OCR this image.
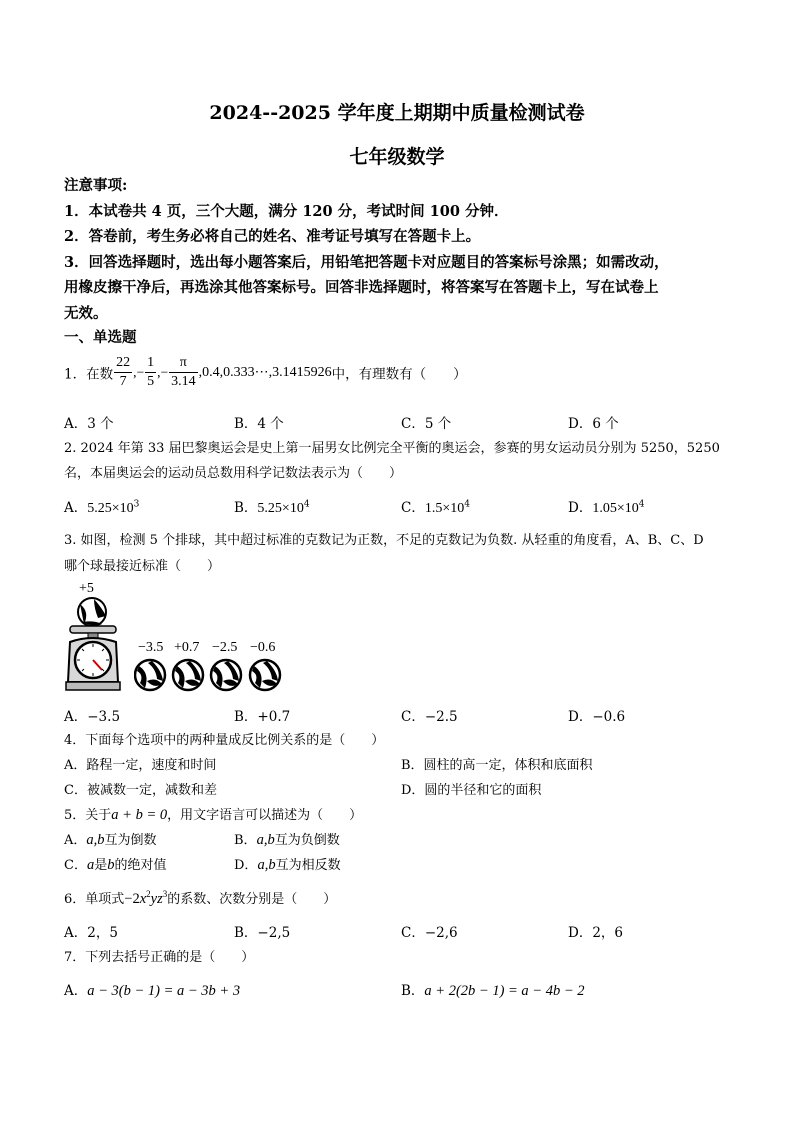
2024--2025 学年度上期期中质量检测试卷
七年级数学
注意事项:
1．本试卷共 4 页，三个大题，满分 120 分，考试时间 100 分钟．
2．答卷前，考生务必将自己的姓名、准考证号填写在答题卡上。
3．回答选择题时，选出每小题答案后，用铅笔把答题卡对应题目的答案标号涂黑；如需改动，
用橡皮擦干净后，再选涂其他答案标号。回答非选择题时，将答案写在答题卡上，写在试卷上
无效。
一、单选题
1．在数 $\frac{22}{7}$ ,− $\frac{1}{5}$ ,− $\frac{\pi}{3.14}$ ,0.4,0.333⋯,3.1415926中，有理数有（　　）
A．3 个	B．4 个	C．5 个	D．6 个
2. 2024 年第 33 届巴黎奥运会是史上第一届男女比例完全平衡的奥运会，参赛的男女运动员分别为 5250，5250
名，本届奥运会的运动员总数用科学记数法表示为（　　）
A．$5.25\times 10^3$	B．$5.25\times 10^4$	C．$1.5\times 10^4$	D．$1.05\times 10^4$
3. 如图，检测 5 个排球，其中超过标准的克数记为正数，不足的克数记为负数. 从轻重的角度看，A、B、C、D
哪个球最接近标准（　　）
+5
−3.5 +0.7 −2.5 −0.6
A．−3.5	B．+0.7	C．−2.5	D．−0.6
4．下面每个选项中的两种量成反比例关系的是（　　）
A．路程一定，速度和时间	B．圆柱的高一定，体积和底面积
C．被减数一定，减数和差	D．圆的半径和它的面积
5．关于a + b = 0，用文字语言可以描述为（　　）
A．a,b互为倒数	B．a,b互为负倒数
C．a是b的绝对值	D．a,b互为相反数
6．单项式$-2x^2yz^3$的系数、次数分别是（　　）
A．2，5	B．−2,5	C．−2,6	D．2，6
7．下列去括号正确的是（　　）
A．a − 3(b − 1) = a − 3b + 3	B．a + 2(2b − 1) = a − 4b − 2
